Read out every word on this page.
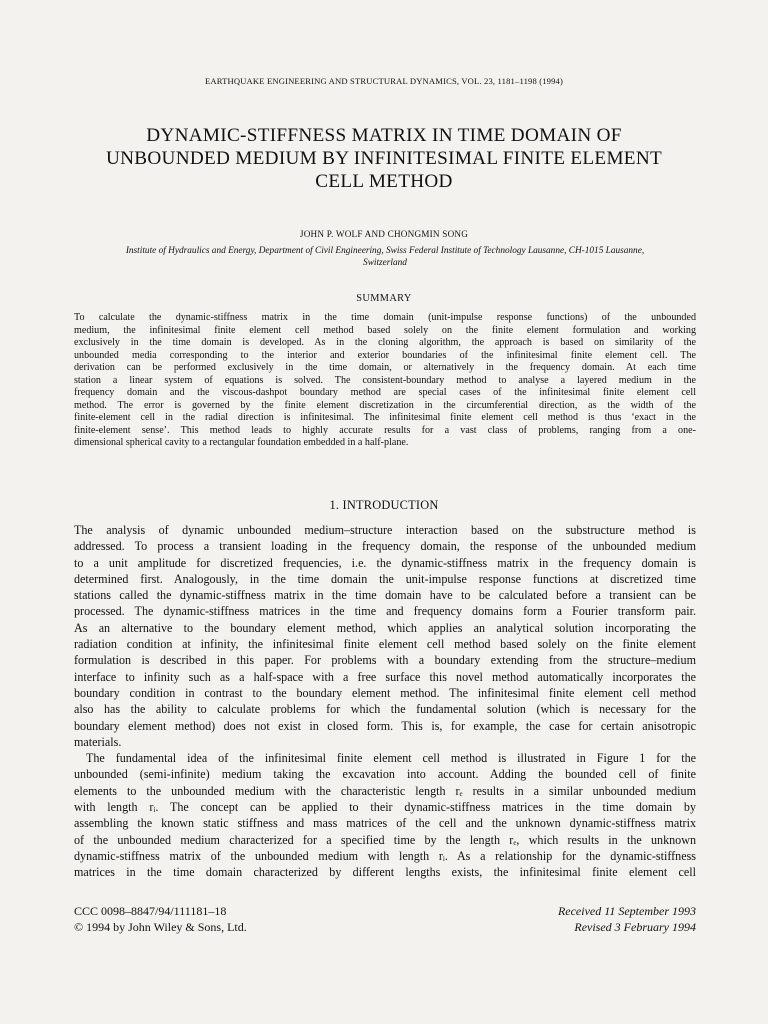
EARTHQUAKE ENGINEERING AND STRUCTURAL DYNAMICS, VOL. 23, 1181–1198 (1994)
DYNAMIC-STIFFNESS MATRIX IN TIME DOMAIN OF
UNBOUNDED MEDIUM BY INFINITESIMAL FINITE ELEMENT
CELL METHOD
JOHN P. WOLF AND CHONGMIN SONG
Institute of Hydraulics and Energy, Department of Civil Engineering, Swiss Federal Institute of Technology Lausanne, CH-1015 Lausanne,
Switzerland
SUMMARY
To calculate the dynamic-stiffness matrix in the time domain (unit-impulse response functions) of the unbounded
medium, the infinitesimal finite element cell method based solely on the finite element formulation and working
exclusively in the time domain is developed. As in the cloning algorithm, the approach is based on similarity of the
unbounded media corresponding to the interior and exterior boundaries of the infinitesimal finite element cell. The
derivation can be performed exclusively in the time domain, or alternatively in the frequency domain. At each time
station a linear system of equations is solved. The consistent-boundary method to analyse a layered medium in the
frequency domain and the viscous-dashpot boundary method are special cases of the infinitesimal finite element cell
method. The error is governed by the finite element discretization in the circumferential direction, as the width of the
finite-element cell in the radial direction is infinitesimal. The infinitesimal finite element cell method is thus ‘exact in the
finite-element sense’. This method leads to highly accurate results for a vast class of problems, ranging from a one-
dimensional spherical cavity to a rectangular foundation embedded in a half-plane.
1. INTRODUCTION
The analysis of dynamic unbounded medium–structure interaction based on the substructure method is
addressed. To process a transient loading in the frequency domain, the response of the unbounded medium
to a unit amplitude for discretized frequencies, i.e. the dynamic-stiffness matrix in the frequency domain is
determined first. Analogously, in the time domain the unit-impulse response functions at discretized time
stations called the dynamic-stiffness matrix in the time domain have to be calculated before a transient can be
processed. The dynamic-stiffness matrices in the time and frequency domains form a Fourier transform pair.
As an alternative to the boundary element method, which applies an analytical solution incorporating the
radiation condition at infinity, the infinitesimal finite element cell method based solely on the finite element
formulation is described in this paper. For problems with a boundary extending from the structure–medium
interface to infinity such as a half-space with a free surface this novel method automatically incorporates the
boundary condition in contrast to the boundary element method. The infinitesimal finite element cell method
also has the ability to calculate problems for which the fundamental solution (which is necessary for the
boundary element method) does not exist in closed form. This is, for example, the case for certain anisotropic
materials.
The fundamental idea of the infinitesimal finite element cell method is illustrated in Figure 1 for the
unbounded (semi-infinite) medium taking the excavation into account. Adding the bounded cell of finite
elements to the unbounded medium with the characteristic length rₑ results in a similar unbounded medium
with length rᵢ. The concept can be applied to their dynamic-stiffness matrices in the time domain by
assembling the known static stiffness and mass matrices of the cell and the unknown dynamic-stiffness matrix
of the unbounded medium characterized for a specified time by the length rₑ, which results in the unknown
dynamic-stiffness matrix of the unbounded medium with length rᵢ. As a relationship for the dynamic-stiffness
matrices in the time domain characterized by different lengths exists, the infinitesimal finite element cell
CCC 0098–8847/94/111181–18
© 1994 by John Wiley & Sons, Ltd.
Received 11 September 1993
Revised 3 February 1994
